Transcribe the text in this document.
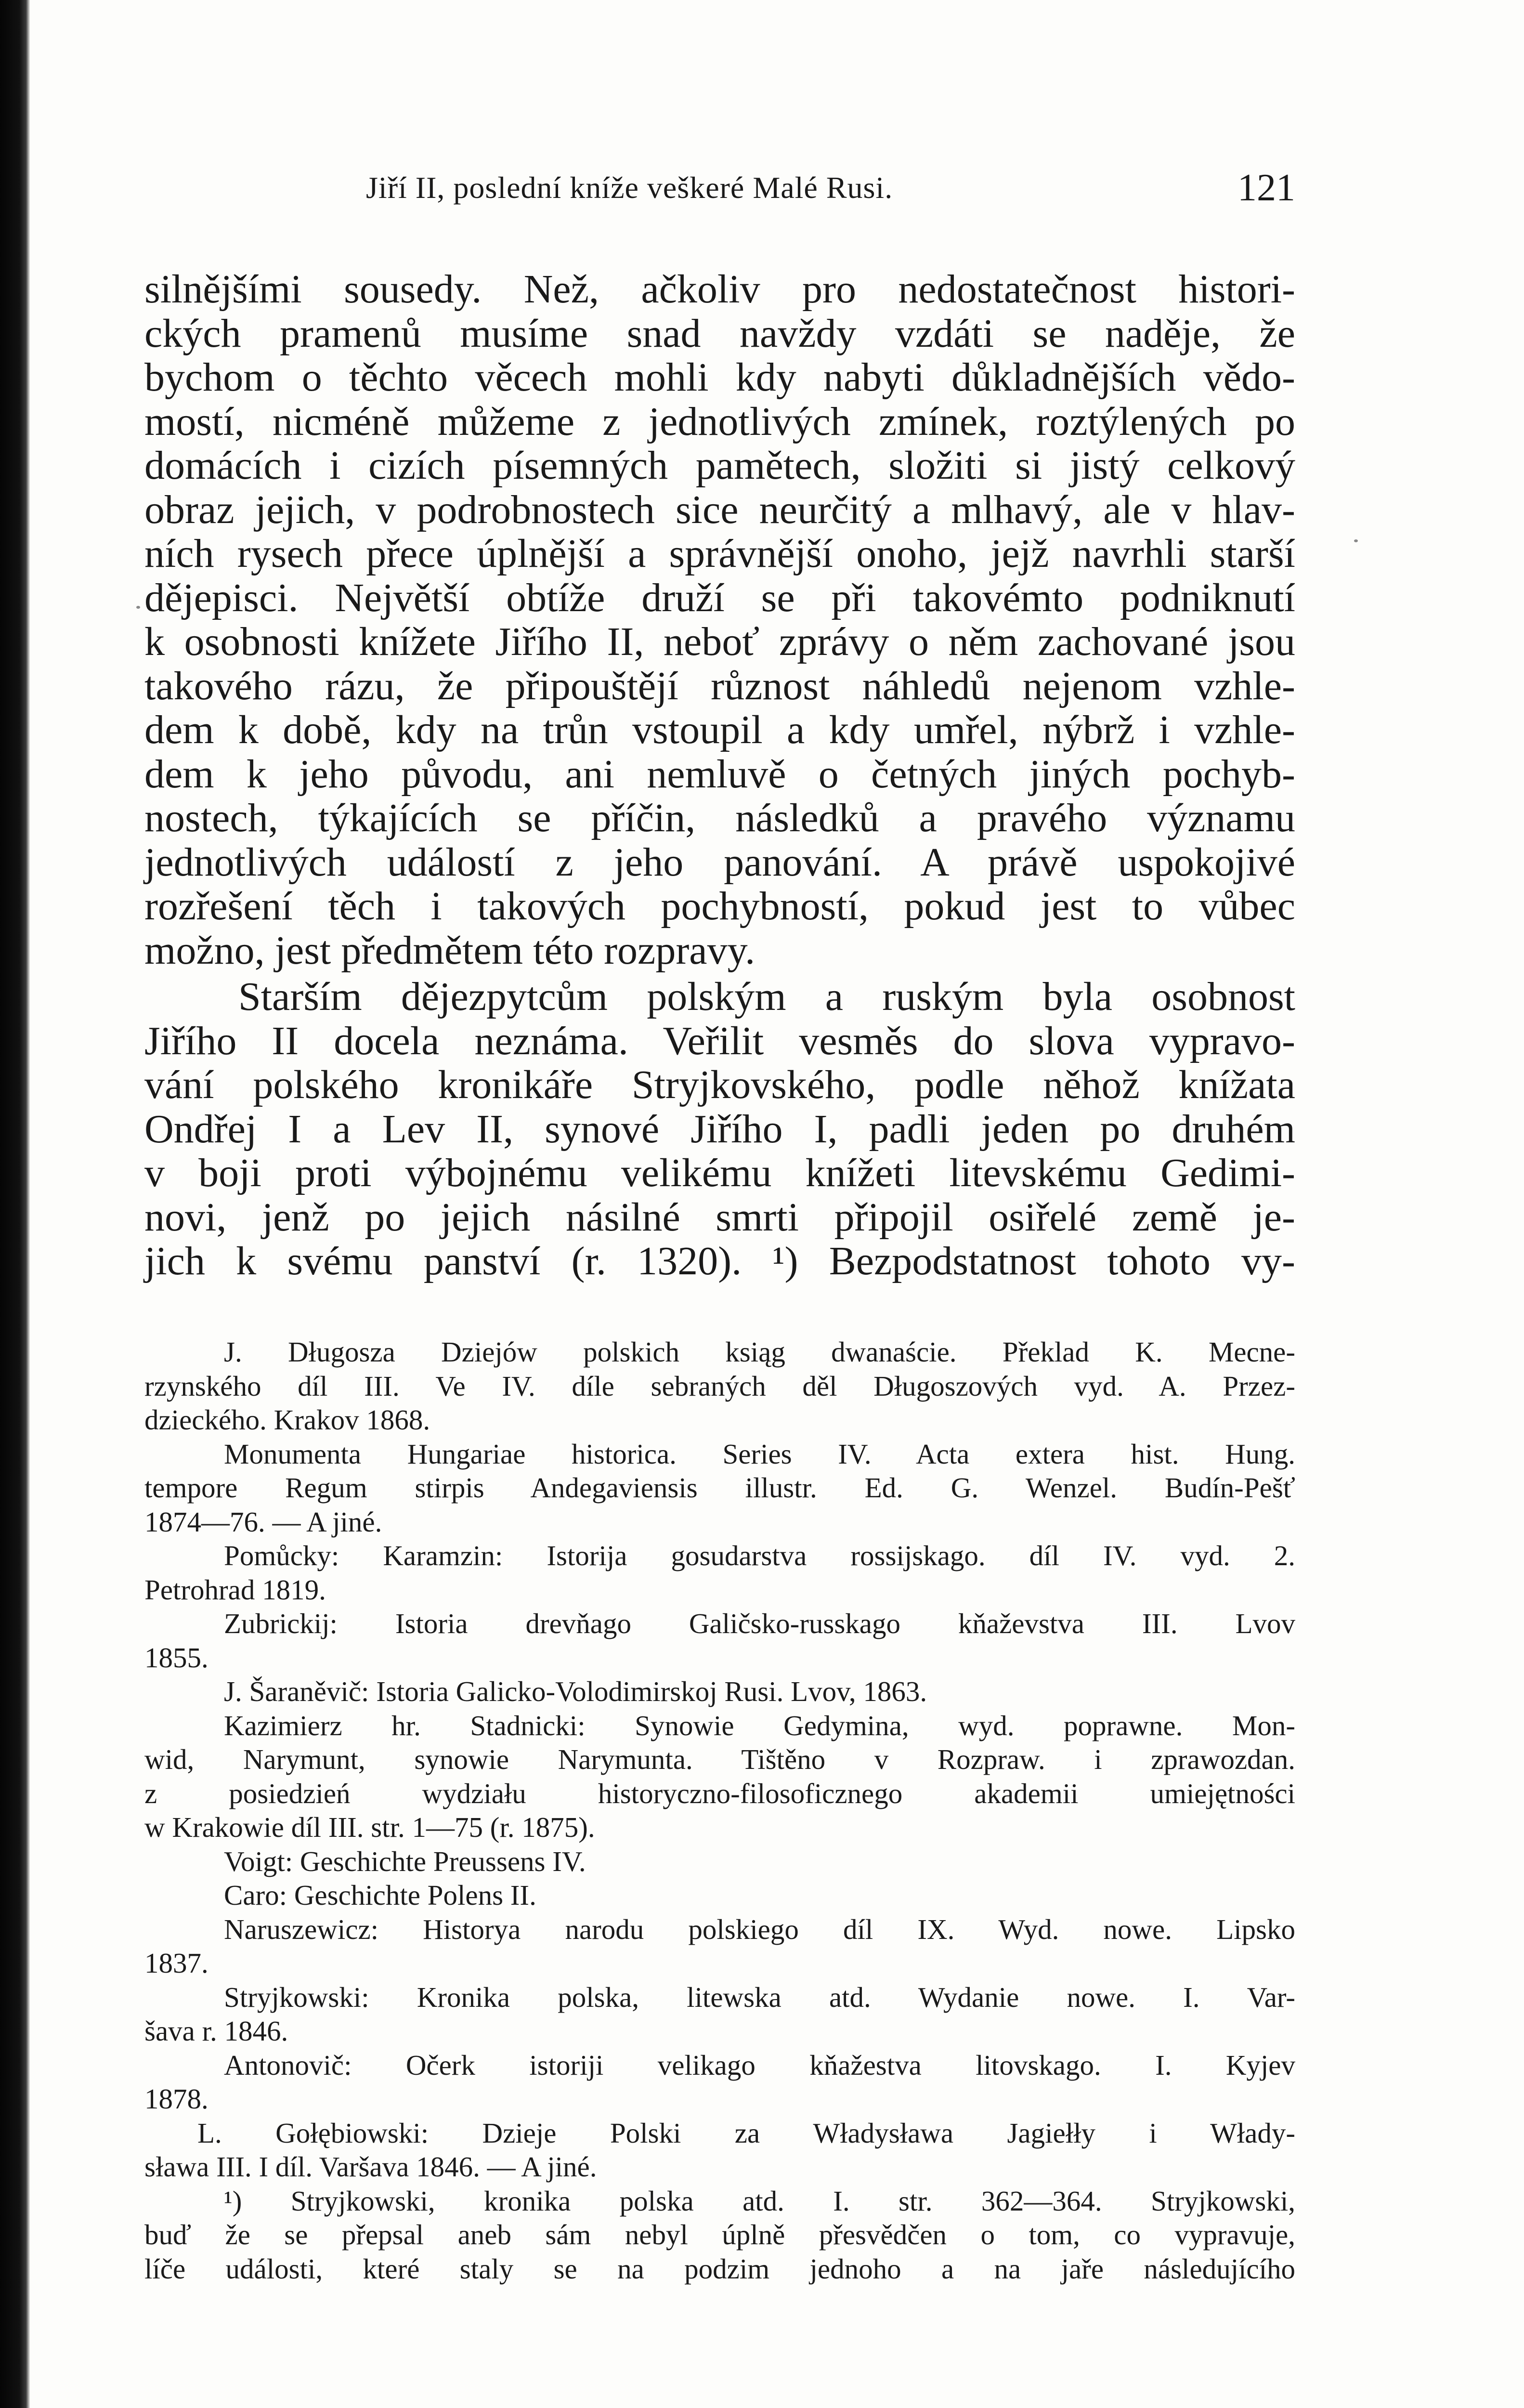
Jiří II, poslední kníže veškeré Malé Rusi.	121
silnějšími sousedy. Než, ačkoliv pro nedostatečnost histori-
ckých pramenů musíme snad navždy vzdáti se naděje, že
bychom o těchto věcech mohli kdy nabyti důkladnějších vědo-
mostí, nicméně můžeme z jednotlivých zmínek, roztýlených po
domácích i cizích písemných pamětech, složiti si jistý celkový
obraz jejich, v podrobnostech sice neurčitý a mlhavý, ale v hlav-
ních rysech přece úplnější a správnější onoho, jejž navrhli starší
dějepisci. Největší obtíže druží se při takovémto podniknutí
k osobnosti knížete Jiřího II, neboť zprávy o něm zachované jsou
takového rázu, že připouštějí různost náhledů nejenom vzhle-
dem k době, kdy na trůn vstoupil a kdy umřel, nýbrž i vzhle-
dem k jeho původu, ani nemluvě o četných jiných pochyb-
nostech, týkajících se příčin, následků a pravého významu
jednotlivých událostí z jeho panování. A právě uspokojivé
rozřešení těch i takových pochybností, pokud jest to vůbec
možno, jest předmětem této rozpravy.
Starším dějezpytcům polským a ruským byla osobnost
Jiřího II docela neznáma. Veřilit vesměs do slova vypravo-
vání polského kronikáře Stryjkovského, podle něhož knížata
Ondřej I a Lev II, synové Jiřího I, padli jeden po druhém
v boji proti výbojnému velikému knížeti litevskému Gedimi-
novi, jenž po jejich násilné smrti připojil osiřelé země je-
jich k svému panství (r. 1320). ¹) Bezpodstatnost tohoto vy-
J. Długosza Dziejów polskich ksiąg dwanaście. Překlad K. Mecne-
rzynského díl III. Ve IV. díle sebraných děl Długoszových vyd. A. Przez-
dzieckého. Krakov 1868.
Monumenta Hungariae historica. Series IV. Acta extera hist. Hung.
tempore Regum stirpis Andegaviensis illustr. Ed. G. Wenzel. Budín-Pešť
1874—76. — A jiné.
Pomůcky: Karamzin: Istorija gosudarstva rossijskago. díl IV. vyd. 2.
Petrohrad 1819.
Zubrickij: Istoria drevňago Galičsko-russkago kňaževstva III. Lvov
1855.
J. Šaraněvič: Istoria Galicko-Volodimirskoj Rusi. Lvov, 1863.
Kazimierz hr. Stadnicki: Synowie Gedymina, wyd. poprawne. Mon-
wid, Narymunt, synowie Narymunta. Tištěno v Rozpraw. i zprawozdan.
z posiedzień wydziału historyczno-filosoficznego akademii umiejętności
w Krakowie díl III. str. 1—75 (r. 1875).
Voigt: Geschichte Preussens IV.
Caro: Geschichte Polens II.
Naruszewicz: Historya narodu polskiego díl IX. Wyd. nowe. Lipsko
1837.
Stryjkowski: Kronika polska, litewska atd. Wydanie nowe. I. Var-
šava r. 1846.
Antonovič: Očerk istoriji velikago kňažestva litovskago. I. Kyjev
1878.
L. Gołębiowski: Dzieje Polski za Władysława Jagiełły i Włady-
sława III. I díl. Varšava 1846. — A jiné.
¹) Stryjkowski, kronika polska atd. I. str. 362—364. Stryjkowski,
buď že se přepsal aneb sám nebyl úplně přesvědčen o tom, co vypravuje,
líče události, které staly se na podzim jednoho a na jaře následujícího
